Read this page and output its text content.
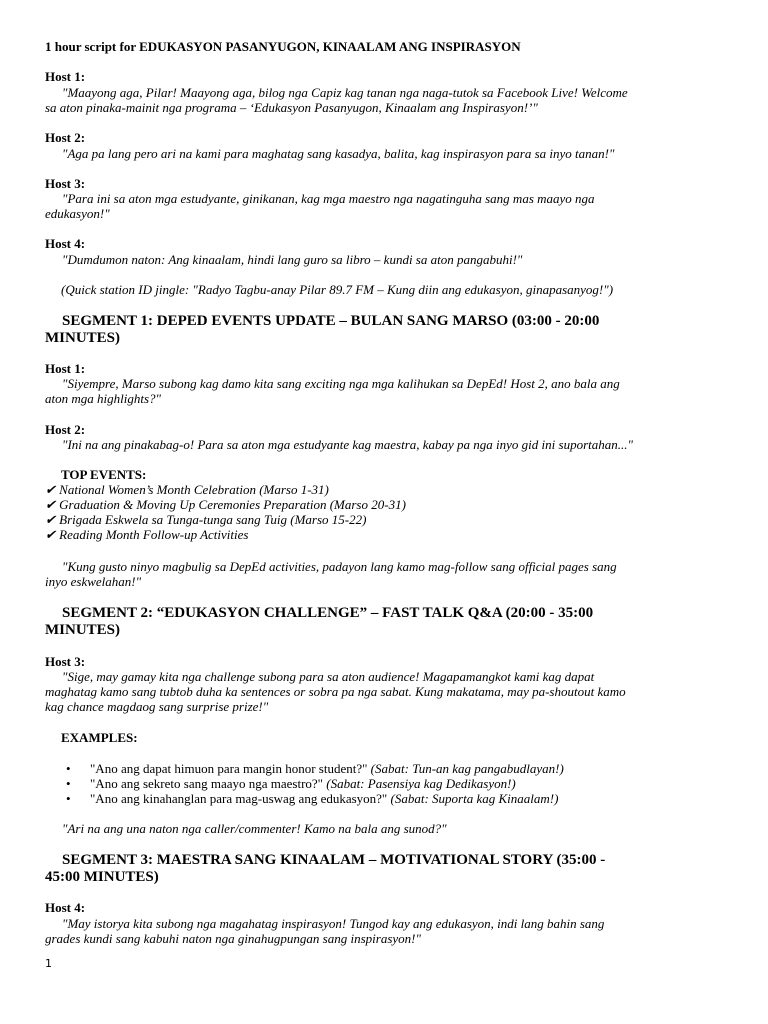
1 hour script for EDUKASYON PASANYUGON, KINAALAM ANG INSPIRASYON
Host 1:
"Maayong aga, Pilar! Maayong aga, bilog nga Capiz kag tanan nga naga-tutok sa Facebook Live! Welcome
sa aton pinaka-mainit nga programa – ‘Edukasyon Pasanyugon, Kinaalam ang Inspirasyon!’"
Host 2:
"Aga pa lang pero ari na kami para maghatag sang kasadya, balita, kag inspirasyon para sa inyo tanan!"
Host 3:
"Para ini sa aton mga estudyante, ginikanan, kag mga maestro nga nagatinguha sang mas maayo nga
edukasyon!"
Host 4:
"Dumdumon naton: Ang kinaalam, hindi lang guro sa libro – kundi sa aton pangabuhi!"
(Quick station ID jingle: "Radyo Tagbu-anay Pilar 89.7 FM – Kung diin ang edukasyon, ginapasanyog!")
SEGMENT 1: DEPED EVENTS UPDATE – BULAN SANG MARSO (03:00 - 20:00
MINUTES)
Host 1:
"Siyempre, Marso subong kag damo kita sang exciting nga mga kalihukan sa DepEd! Host 2, ano bala ang
aton mga highlights?"
Host 2:
"Ini na ang pinakabag-o! Para sa aton mga estudyante kag maestra, kabay pa nga inyo gid ini suportahan..."
TOP EVENTS:
✔ National Women’s Month Celebration (Marso 1-31)
✔ Graduation & Moving Up Ceremonies Preparation (Marso 20-31)
✔ Brigada Eskwela sa Tunga-tunga sang Tuig (Marso 15-22)
✔ Reading Month Follow-up Activities
"Kung gusto ninyo magbulig sa DepEd activities, padayon lang kamo mag-follow sang official pages sang
inyo eskwelahan!"
SEGMENT 2: “EDUKASYON CHALLENGE” – FAST TALK Q&A (20:00 - 35:00
MINUTES)
Host 3:
"Sige, may gamay kita nga challenge subong para sa aton audience! Magapamangkot kami kag dapat
maghatag kamo sang tubtob duha ka sentences or sobra pa nga sabat. Kung makatama, may pa-shoutout kamo
kag chance magdaog sang surprise prize!"
EXAMPLES:
• "Ano ang dapat himuon para mangin honor student?" (Sabat: Tun-an kag pangabudlayan!)
• "Ano ang sekreto sang maayo nga maestro?" (Sabat: Pasensiya kag Dedikasyon!)
• "Ano ang kinahanglan para mag-uswag ang edukasyon?" (Sabat: Suporta kag Kinaalam!)
"Ari na ang una naton nga caller/commenter! Kamo na bala ang sunod?"
SEGMENT 3: MAESTRA SANG KINAALAM – MOTIVATIONAL STORY (35:00 -
45:00 MINUTES)
Host 4:
"May istorya kita subong nga magahatag inspirasyon! Tungod kay ang edukasyon, indi lang bahin sang
grades kundi sang kabuhi naton nga ginahugpungan sang inspirasyon!"
1
